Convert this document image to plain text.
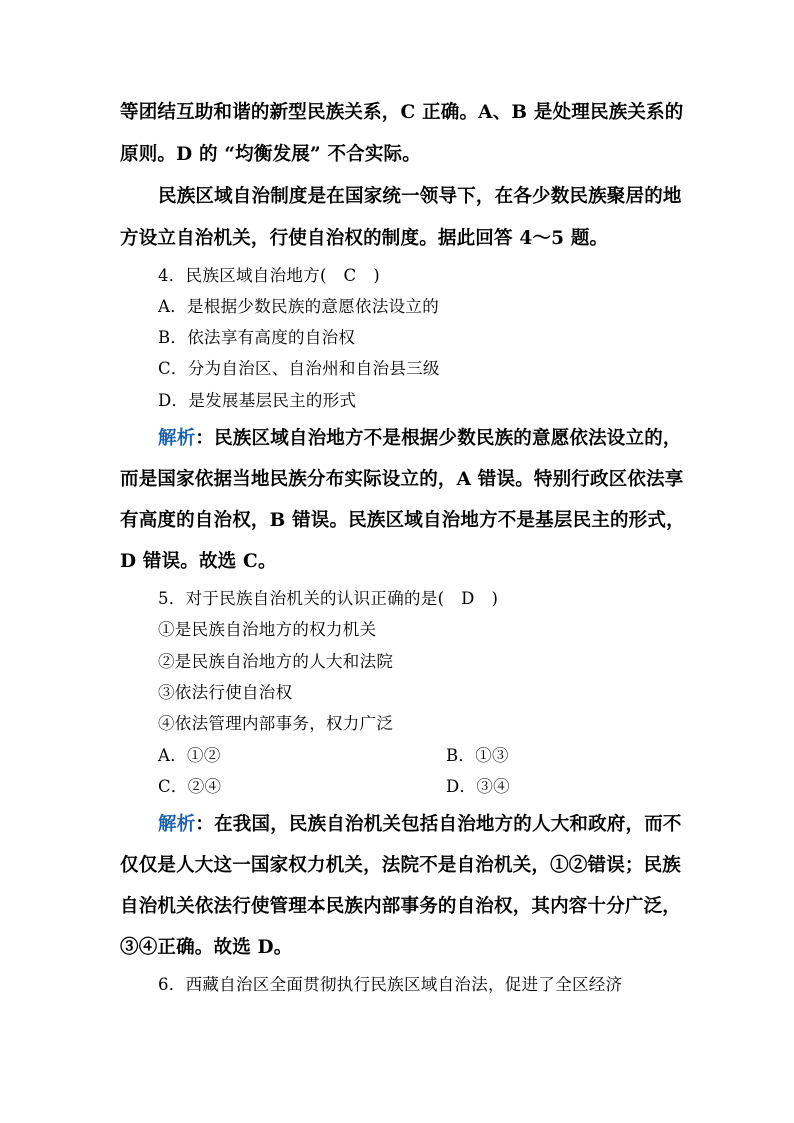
等团结互助和谐的新型民族关系，C 正确。A、B 是处理民族关系的
原则。D 的 “均衡发展” 不合实际。
民族区域自治制度是在国家统一领导下，在各少数民族聚居的地
方设立自治机关，行使自治权的制度。据此回答 4～5 题。
4．民族区域自治地方(　C　)
A．是根据少数民族的意愿依法设立的
B．依法享有高度的自治权
C．分为自治区、自治州和自治县三级
D．是发展基层民主的形式
解析：民族区域自治地方不是根据少数民族的意愿依法设立的，
而是国家依据当地民族分布实际设立的，A 错误。特别行政区依法享
有高度的自治权，B 错误。民族区域自治地方不是基层民主的形式，
D 错误。故选 C。
5．对于民族自治机关的认识正确的是(　D　)
①是民族自治地方的权力机关
②是民族自治地方的人大和法院
③依法行使自治权
④依法管理内部事务，权力广泛
A．①②	B．①③
C．②④	D．③④
解析：在我国，民族自治机关包括自治地方的人大和政府，而不
仅仅是人大这一国家权力机关，法院不是自治机关，①②错误；民族
自治机关依法行使管理本民族内部事务的自治权，其内容十分广泛，
③④正确。故选 D。
6．西藏自治区全面贯彻执行民族区域自治法，促进了全区经济
